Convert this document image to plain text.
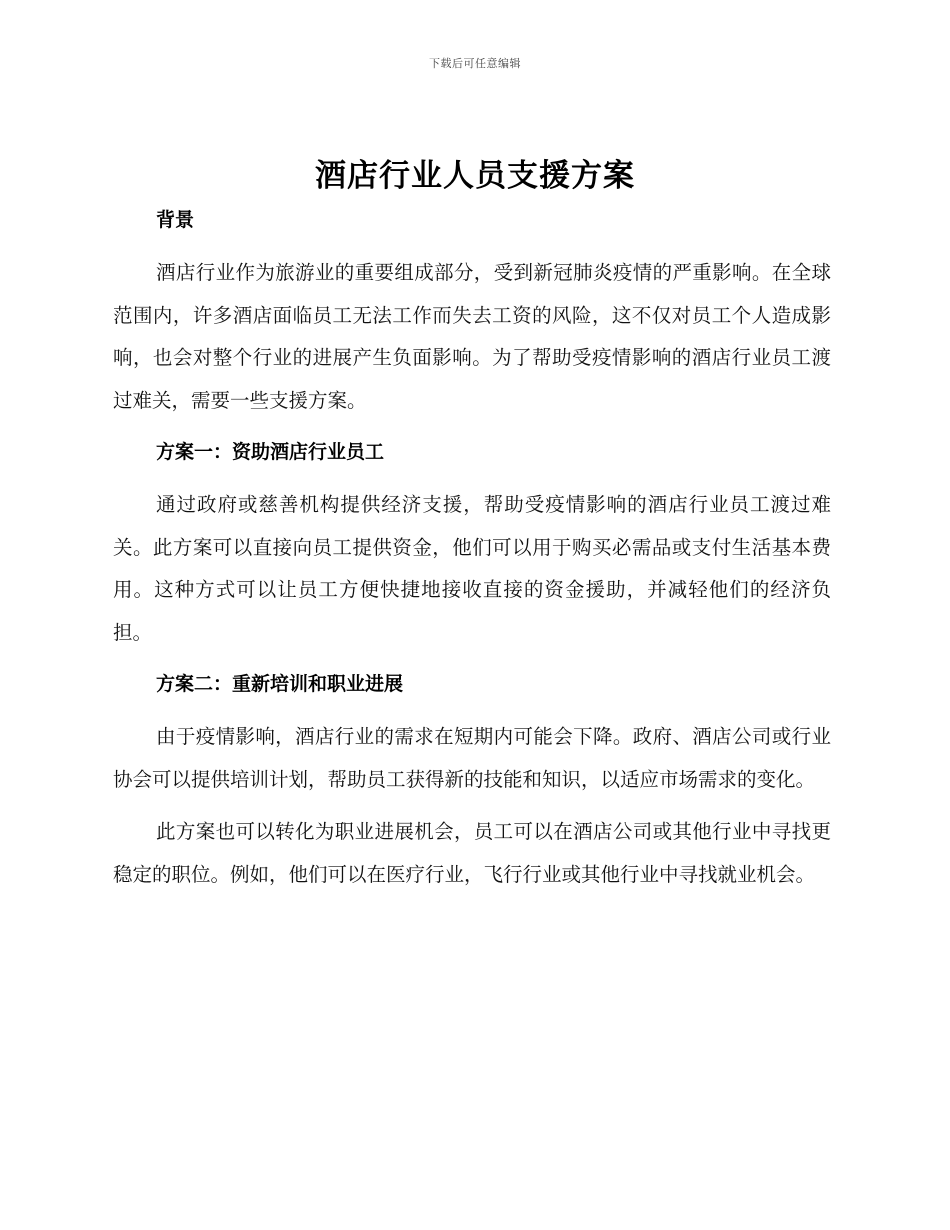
下载后可任意编辑
酒店行业人员支援方案
背景

酒店行业作为旅游业的重要组成部分，受到新冠肺炎疫情的严重影响。在全球范围内，许多酒店面临员工无法工作而失去工资的风险，这不仅对员工个人造成影响，也会对整个行业的进展产生负面影响。为了帮助受疫情影响的酒店行业员工渡过难关，需要一些支援方案。

方案一：资助酒店行业员工

通过政府或慈善机构提供经济支援，帮助受疫情影响的酒店行业员工渡过难关。此方案可以直接向员工提供资金，他们可以用于购买必需品或支付生活基本费用。这种方式可以让员工方便快捷地接收直接的资金援助，并减轻他们的经济负担。

方案二：重新培训和职业进展

由于疫情影响，酒店行业的需求在短期内可能会下降。政府、酒店公司或行业协会可以提供培训计划，帮助员工获得新的技能和知识，以适应市场需求的变化。

此方案也可以转化为职业进展机会，员工可以在酒店公司或其他行业中寻找更稳定的职位。例如，他们可以在医疗行业，飞行行业或其他行业中寻找就业机会。
